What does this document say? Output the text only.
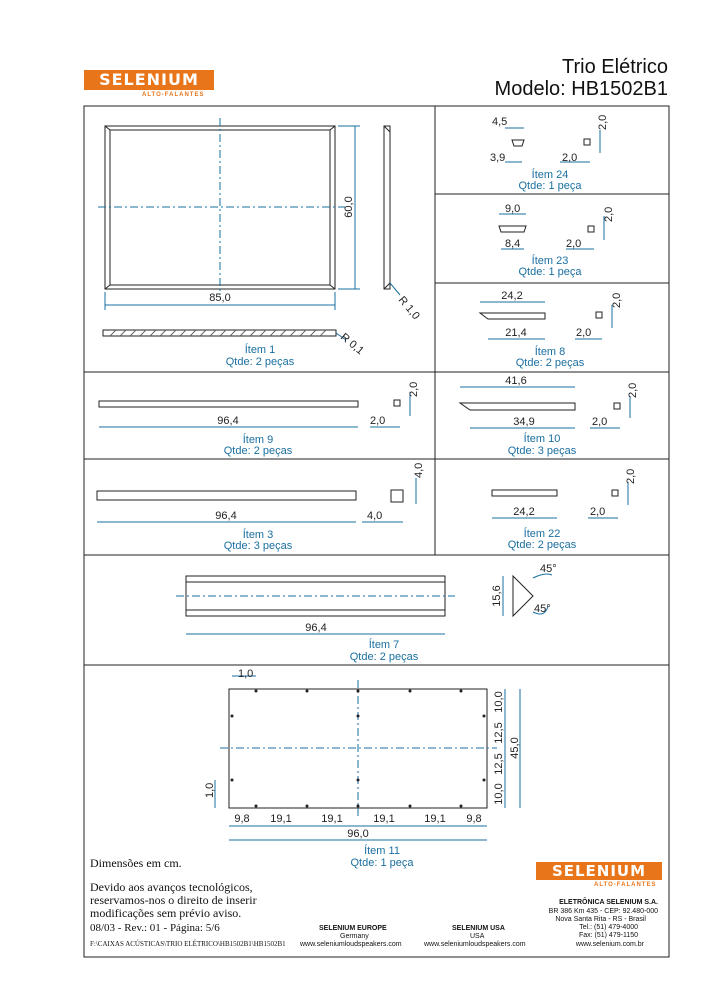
SELENIUM
ALTO-FALANTES
Trio Elétrico
Modelo: HB1502B1
85,0
60,0
R 1,0
R 0,1
Ítem 1
Qtde: 2 peças
4,5
3,9
2,0
2,0
Ítem 24
Qtde: 1 peça
9,0
8,4
2,0
2,0
Ítem 23
Qtde: 1 peça
24,2
21,4
2,0
2,0
Ítem 8
Qtde: 2 peças
96,4	2,0
2,0
Ítem 9
Qtde: 2 peças
41,6
34,9
2,0
2,0
Ítem 10
Qtde: 3 peças
96,4	4,0
4,0
Ítem 3
Qtde: 3 peças
24,2
2,0
2,0
Ítem 22
Qtde: 2 peças
96,4
15,6
45°
45°
Ítem 7
Qtde: 2 peças
1,0
1,0
45,0
10,0
12,5
12,5
10,0
96,0
9,8 19,1	19,1	19,1	19,1 9,8
Ítem 11
Qtde: 1 peça
Dimensões em cm.
Devido aos avanços tecnológicos,
reservamos-nos o direito de inserir
modificações sem prévio aviso.
08/03 - Rev.: 01 - Página: 5/6
F:\CAIXAS ACÚSTICAS\TRIO ELÉTRICO\HB1502B1\HB1502B1
SELENIUM EUROPE
Germany
www.seleniumloudspeakers.com
SELENIUM USA
USA
www.seleniumloudspeakers.com
SELENIUM
ALTO-FALANTES
ELETRÔNICA SELENIUM S.A.
BR 386 Km 435 - CEP: 92.480-000
Nova Santa Rita - RS - Brasil
Tel.: (51) 479-4000
Fax: (51) 479-1150
www.selenium.com.br
